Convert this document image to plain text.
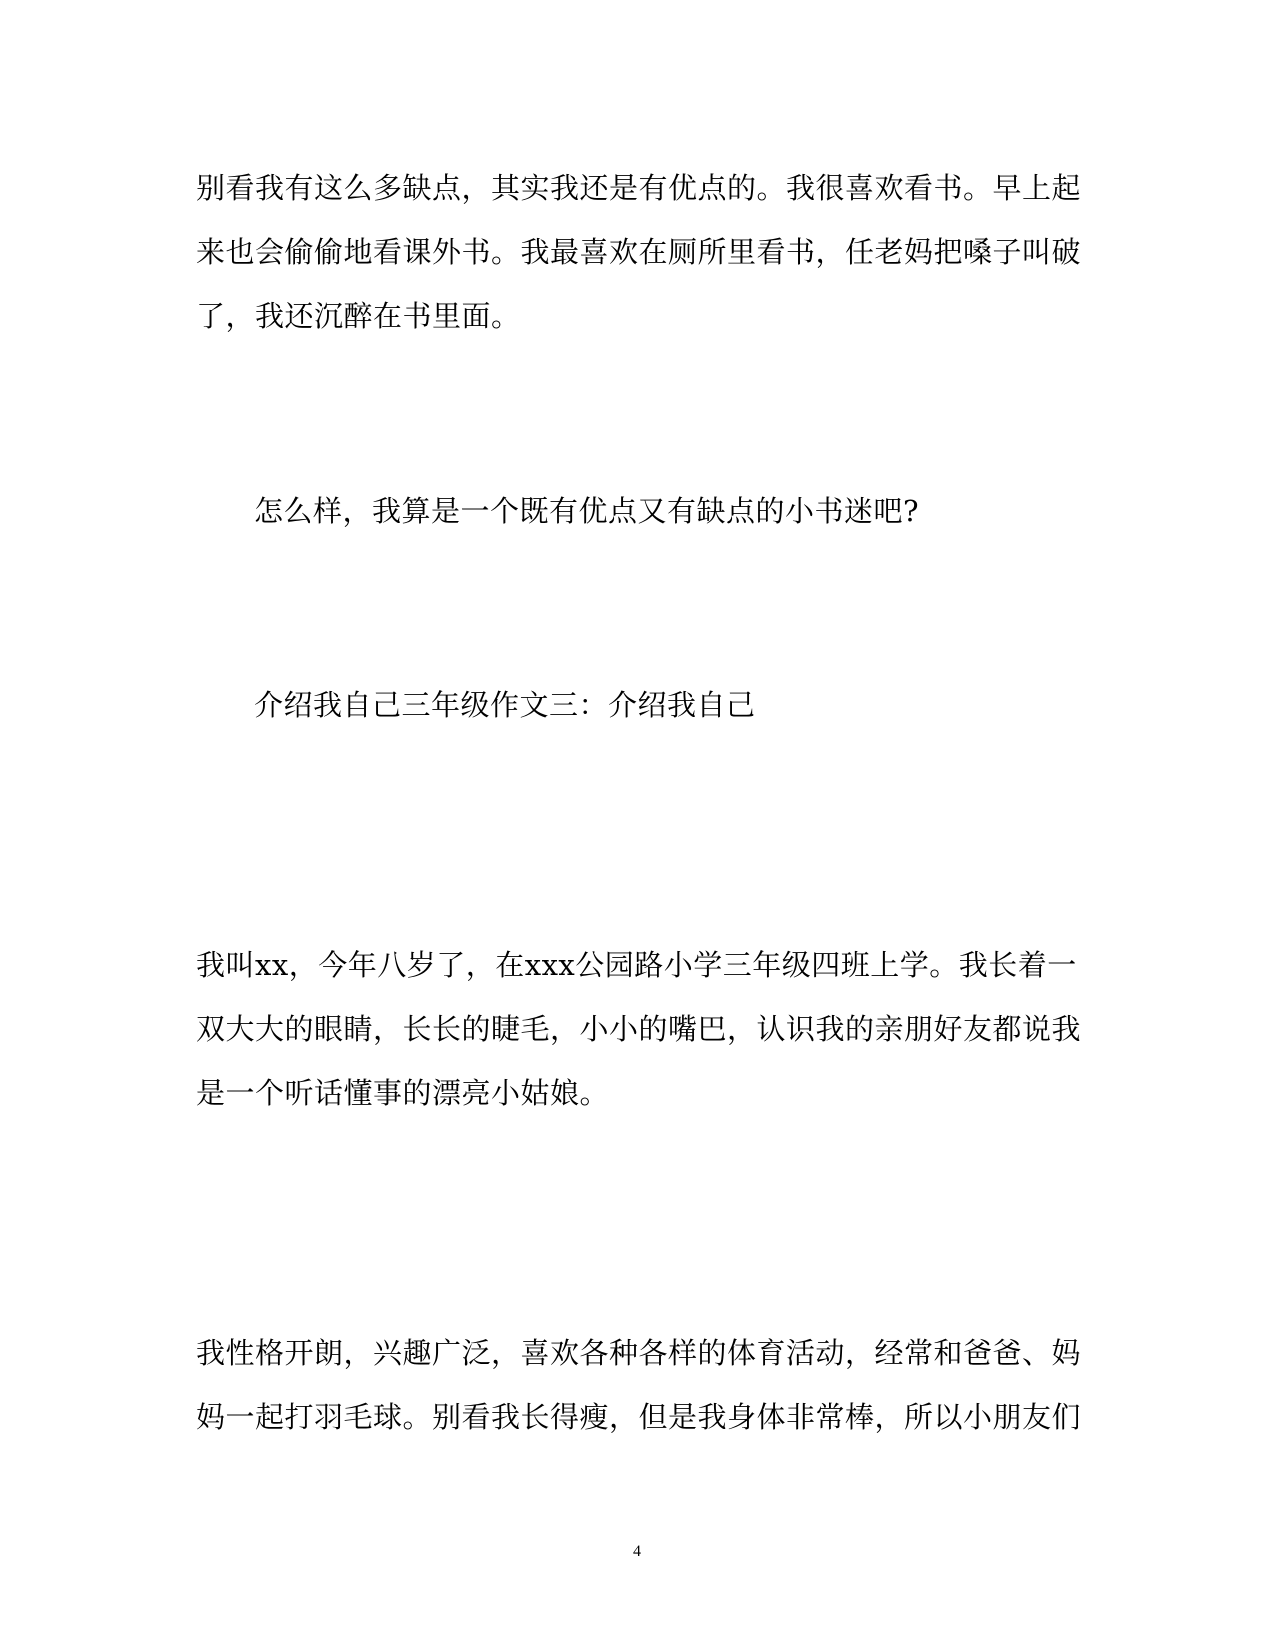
别看我有这么多缺点，其实我还是有优点的。我很喜欢看书。早上起
来也会偷偷地看课外书。我最喜欢在厕所里看书，任老妈把嗓子叫破
了，我还沉醉在书里面。
怎么样，我算是一个既有优点又有缺点的小书迷吧?
介绍我自己三年级作文三：介绍我自己
我叫xx，今年八岁了，在xxx公园路小学三年级四班上学。我长着一
双大大的眼睛，长长的睫毛，小小的嘴巴，认识我的亲朋好友都说我
是一个听话懂事的漂亮小姑娘。
我性格开朗，兴趣广泛，喜欢各种各样的体育活动，经常和爸爸、妈
妈一起打羽毛球。别看我长得瘦，但是我身体非常棒，所以小朋友们
4
